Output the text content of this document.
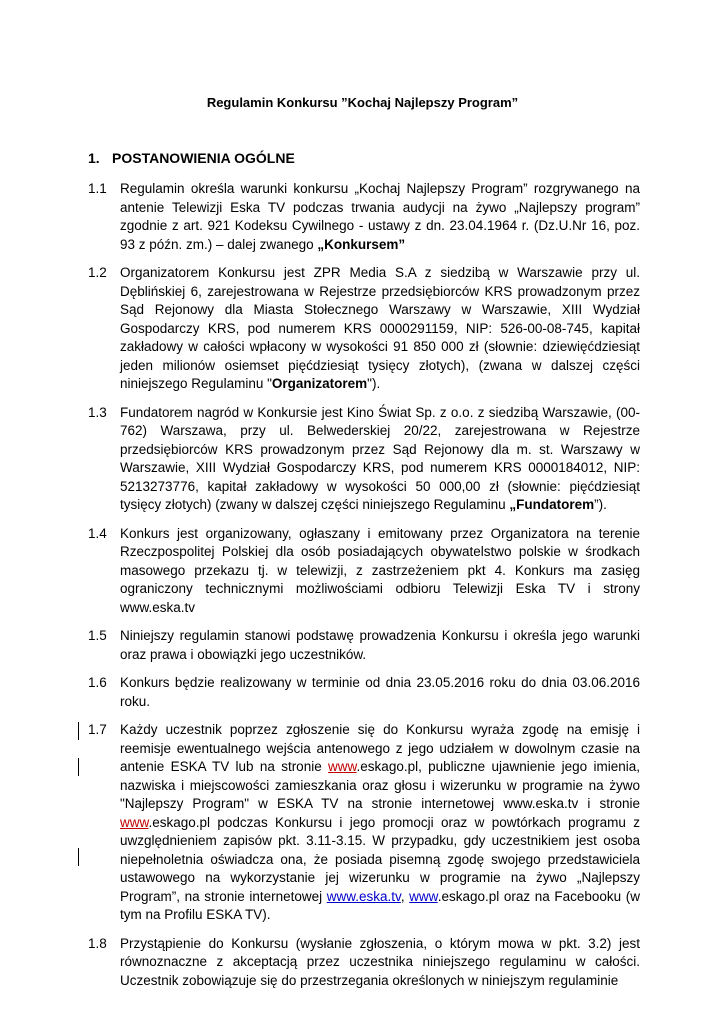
Regulamin Konkursu ”Kochaj Najlepszy Program”
1. POSTANOWIENIA OGÓLNE
1.1 Regulamin określa warunki konkursu „Kochaj Najlepszy Program” rozgrywanego na antenie Telewizji Eska TV podczas trwania audycji na żywo „Najlepszy program” zgodnie z art. 921 Kodeksu Cywilnego - ustawy z dn. 23.04.1964 r. (Dz.U.Nr 16, poz. 93 z późn. zm.) – dalej zwanego „Konkursem”
1.2 Organizatorem Konkursu jest ZPR Media S.A z siedzibą w Warszawie przy ul. Dęblińskiej 6, zarejestrowana w Rejestrze przedsiębiorców KRS prowadzonym przez Sąd Rejonowy dla Miasta Stołecznego Warszawy w Warszawie, XIII Wydział Gospodarczy KRS, pod numerem KRS 0000291159, NIP: 526-00-08-745, kapitał zakładowy w całości wpłacony w wysokości 91 850 000 zł (słownie: dziewięćdziesiąt jeden milionów osiemset pięćdziesiąt tysięcy złotych), (zwana w dalszej części niniejszego Regulaminu "Organizatorem").
1.3 Fundatorem nagród w Konkursie jest Kino Świat Sp. z o.o. z siedzibą Warszawie, (00-762) Warszawa, przy ul. Belwederskiej 20/22, zarejestrowana w Rejestrze przedsiębiorców KRS prowadzonym przez Sąd Rejonowy dla m. st. Warszawy w Warszawie, XIII Wydział Gospodarczy KRS, pod numerem KRS 0000184012, NIP: 5213273776, kapitał zakładowy w wysokości 50 000,00 zł (słownie: pięćdziesiąt tysięcy złotych) (zwany w dalszej części niniejszego Regulaminu „Fundatorem”).
1.4 Konkurs jest organizowany, ogłaszany i emitowany przez Organizatora na terenie Rzeczpospolitej Polskiej dla osób posiadających obywatelstwo polskie w środkach masowego przekazu tj. w telewizji, z zastrzeżeniem pkt 4. Konkurs ma zasięg ograniczony technicznymi możliwościami odbioru Telewizji Eska TV i strony www.eska.tv
1.5 Niniejszy regulamin stanowi podstawę prowadzenia Konkursu i określa jego warunki oraz prawa i obowiązki jego uczestników.
1.6 Konkurs będzie realizowany w terminie od dnia 23.05.2016 roku do dnia 03.06.2016 roku.
1.7 Każdy uczestnik poprzez zgłoszenie się do Konkursu wyraża zgodę na emisję i reemisje ewentualnego wejścia antenowego z jego udziałem w dowolnym czasie na antenie ESKA TV lub na stronie www.eskago.pl, publiczne ujawnienie jego imienia, nazwiska i miejscowości zamieszkania oraz głosu i wizerunku w programie na żywo "Najlepszy Program" w ESKA TV na stronie internetowej www.eska.tv i stronie www.eskago.pl podczas Konkursu i jego promocji oraz w powtórkach programu z uwzględnieniem zapisów pkt. 3.11-3.15. W przypadku, gdy uczestnikiem jest osoba niepełnoletnia oświadcza ona, że posiada pisemną zgodę swojego przedstawiciela ustawowego na wykorzystanie jej wizerunku w programie na żywo „Najlepszy Program”, na stronie internetowej www.eska.tv, www.eskago.pl oraz na Facebooku (w tym na Profilu ESKA TV).
1.8 Przystąpienie do Konkursu (wysłanie zgłoszenia, o którym mowa w pkt. 3.2) jest równoznaczne z akceptacją przez uczestnika niniejszego regulaminu w całości. Uczestnik zobowiązuje się do przestrzegania określonych w niniejszym regulaminie
